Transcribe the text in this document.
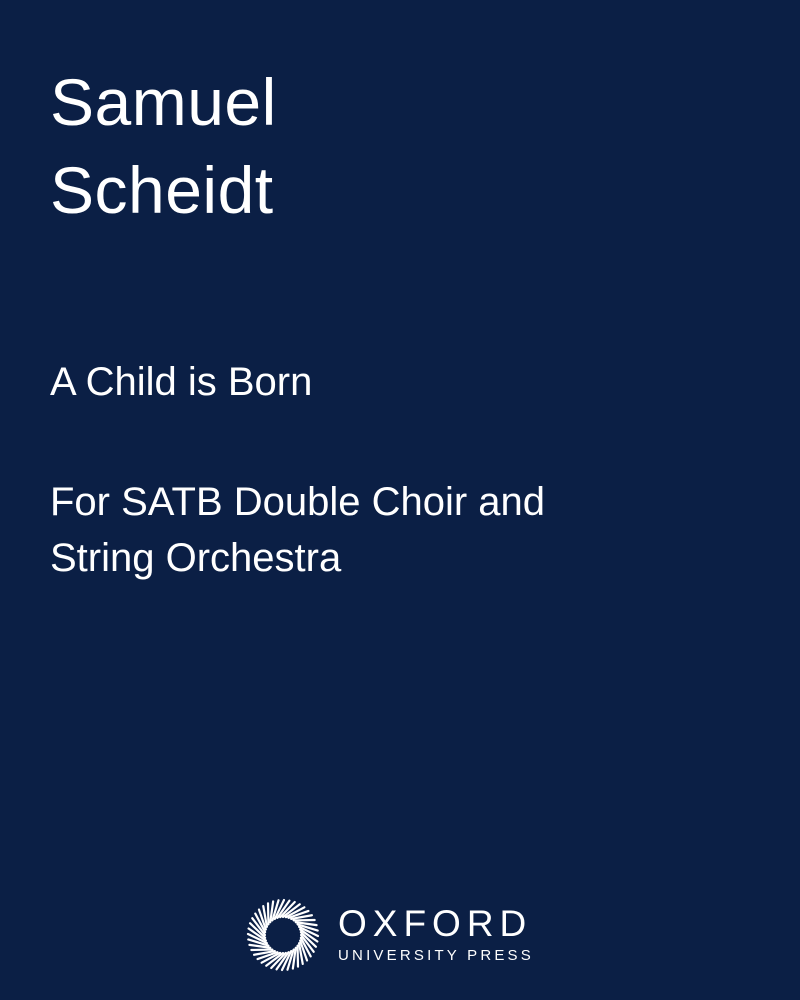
Samuel
Scheidt
A Child is Born

For SATB Double Choir and
String Orchestra

OXFORD
UNIVERSITY PRESS
